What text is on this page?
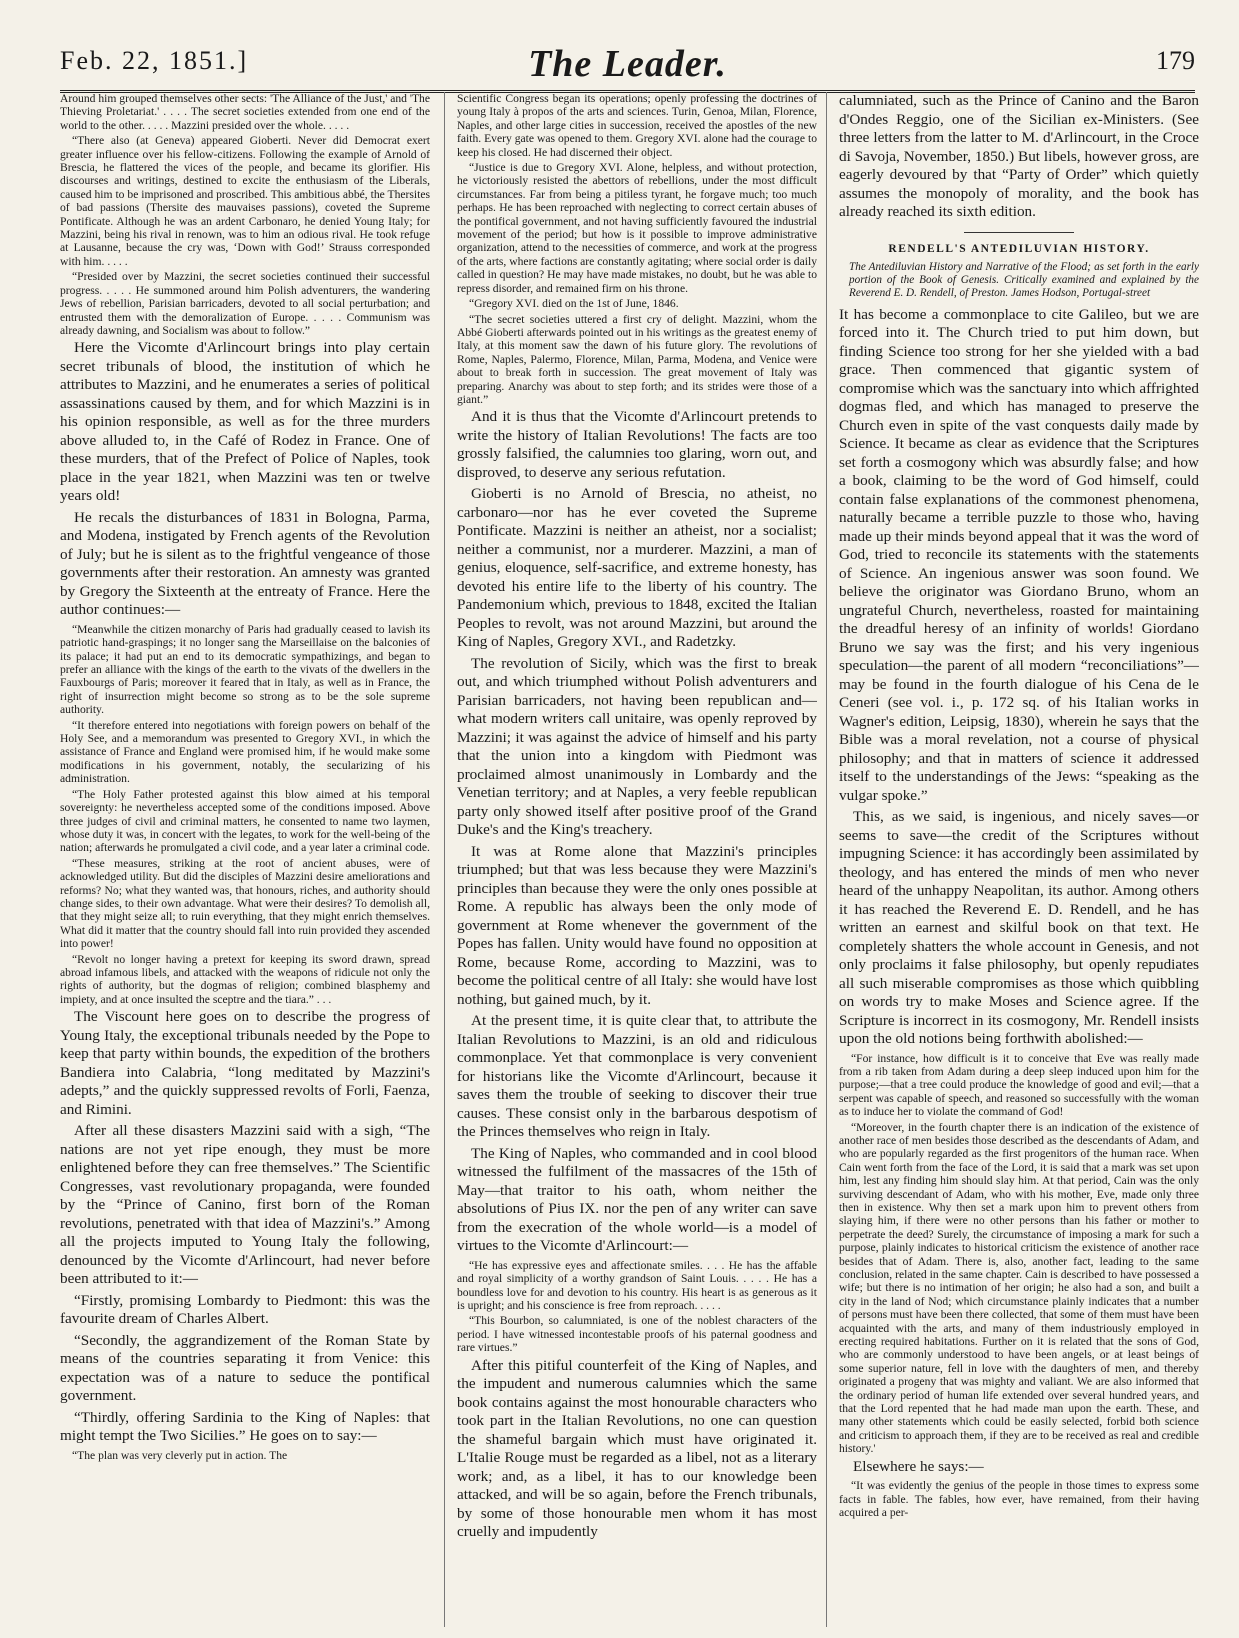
Feb. 22, 1851.]	The Leader.	179

Around him grouped themselves other sects: 'The Alliance of the Just,' and 'The Thieving Proletariat.' . . . . The secret societies extended from one end of the world to the other. . . . . Mazzini presided over the whole. . . . .

“There also (at Geneva) appeared Gioberti. Never did Democrat exert greater influence over his fellow-citizens. Following the example of Arnold of Brescia, he flattered the vices of the people, and became its glorifier. His discourses and writings, destined to excite the enthusiasm of the Liberals, caused him to be imprisoned and proscribed. This ambitious abbé, the Thersites of bad passions (Thersite des mauvaises passions), coveted the Supreme Pontificate. Although he was an ardent Carbonaro, he denied Young Italy; for Mazzini, being his rival in renown, was to him an odious rival. He took refuge at Lausanne, because the cry was, ‘Down with God!’ Strauss corresponded with him. . . . .

“Presided over by Mazzini, the secret societies continued their successful progress. . . . . He summoned around him Polish adventurers, the wandering Jews of rebellion, Parisian barricaders, devoted to all social perturbation; and entrusted them with the demoralization of Europe. . . . . Communism was already dawning, and Socialism was about to follow.”

Here the Vicomte d'Arlincourt brings into play certain secret tribunals of blood, the institution of which he attributes to Mazzini, and he enumerates a series of political assassinations caused by them, and for which Mazzini is in his opinion responsible, as well as for the three murders above alluded to, in the Café of Rodez in France. One of these murders, that of the Prefect of Police of Naples, took place in the year 1821, when Mazzini was ten or twelve years old!

He recals the disturbances of 1831 in Bologna, Parma, and Modena, instigated by French agents of the Revolution of July; but he is silent as to the frightful vengeance of those governments after their restoration. An amnesty was granted by Gregory the Sixteenth at the entreaty of France. Here the author continues:—

“Meanwhile the citizen monarchy of Paris had gradually ceased to lavish its patriotic hand-graspings; it no longer sang the Marseillaise on the balconies of its palace; it had put an end to its democratic sympathizings, and began to prefer an alliance with the kings of the earth to the vivats of the dwellers in the Fauxbourgs of Paris; moreover it feared that in Italy, as well as in France, the right of insurrection might become so strong as to be the sole supreme authority.

“It therefore entered into negotiations with foreign powers on behalf of the Holy See, and a memorandum was presented to Gregory XVI., in which the assistance of France and England were promised him, if he would make some modifications in his government, notably, the secularizing of his administration.

“The Holy Father protested against this blow aimed at his temporal sovereignty: he nevertheless accepted some of the conditions imposed. Above three judges of civil and criminal matters, he consented to name two laymen, whose duty it was, in concert with the legates, to work for the well-being of the nation; afterwards he promulgated a civil code, and a year later a criminal code.

“These measures, striking at the root of ancient abuses, were of acknowledged utility. But did the disciples of Mazzini desire ameliorations and reforms? No; what they wanted was, that honours, riches, and authority should change sides, to their own advantage. What were their desires? To demolish all, that they might seize all; to ruin everything, that they might enrich themselves. What did it matter that the country should fall into ruin provided they ascended into power!

“Revolt no longer having a pretext for keeping its sword drawn, spread abroad infamous libels, and attacked with the weapons of ridicule not only the rights of authority, but the dogmas of religion; combined blasphemy and impiety, and at once insulted the sceptre and the tiara.” . . .

The Viscount here goes on to describe the progress of Young Italy, the exceptional tribunals needed by the Pope to keep that party within bounds, the expedition of the brothers Bandiera into Calabria, “long meditated by Mazzini's adepts,” and the quickly suppressed revolts of Forli, Faenza, and Rimini.

After all these disasters Mazzini said with a sigh, “The nations are not yet ripe enough, they must be more enlightened before they can free themselves.” The Scientific Congresses, vast revolutionary propaganda, were founded by the “Prince of Canino, first born of the Roman revolutions, penetrated with that idea of Mazzini's.” Among all the projects imputed to Young Italy the following, denounced by the Vicomte d'Arlincourt, had never before been attributed to it:—

“Firstly, promising Lombardy to Piedmont: this was the favourite dream of Charles Albert.

“Secondly, the aggrandizement of the Roman State by means of the countries separating it from Venice: this expectation was of a nature to seduce the pontifical government.

“Thirdly, offering Sardinia to the King of Naples: that might tempt the Two Sicilies.” He goes on to say:—

“The plan was very cleverly put in action. The

Scientific Congress began its operations; openly professing the doctrines of young Italy à propos of the arts and sciences. Turin, Genoa, Milan, Florence, Naples, and other large cities in succession, received the apostles of the new faith. Every gate was opened to them. Gregory XVI. alone had the courage to keep his closed. He had discerned their object.

“Justice is due to Gregory XVI. Alone, helpless, and without protection, he victoriously resisted the abettors of rebellions, under the most difficult circumstances. Far from being a pitiless tyrant, he forgave much; too much perhaps. He has been reproached with neglecting to correct certain abuses of the pontifical government, and not having sufficiently favoured the industrial movement of the period; but how is it possible to improve administrative organization, attend to the necessities of commerce, and work at the progress of the arts, where factions are constantly agitating; where social order is daily called in question? He may have made mistakes, no doubt, but he was able to repress disorder, and remained firm on his throne.

“Gregory XVI. died on the 1st of June, 1846.

“The secret societies uttered a first cry of delight. Mazzini, whom the Abbé Gioberti afterwards pointed out in his writings as the greatest enemy of Italy, at this moment saw the dawn of his future glory. The revolutions of Rome, Naples, Palermo, Florence, Milan, Parma, Modena, and Venice were about to break forth in succession. The great movement of Italy was preparing. Anarchy was about to step forth; and its strides were those of a giant.”

And it is thus that the Vicomte d'Arlincourt pretends to write the history of Italian Revolutions! The facts are too grossly falsified, the calumnies too glaring, worn out, and disproved, to deserve any serious refutation.

Gioberti is no Arnold of Brescia, no atheist, no carbonaro—nor has he ever coveted the Supreme Pontificate. Mazzini is neither an atheist, nor a socialist; neither a communist, nor a murderer. Mazzini, a man of genius, eloquence, self-sacrifice, and extreme honesty, has devoted his entire life to the liberty of his country. The Pandemonium which, previous to 1848, excited the Italian Peoples to revolt, was not around Mazzini, but around the King of Naples, Gregory XVI., and Radetzky.

The revolution of Sicily, which was the first to break out, and which triumphed without Polish adventurers and Parisian barricaders, not having been republican and—what modern writers call unitaire, was openly reproved by Mazzini; it was against the advice of himself and his party that the union into a kingdom with Piedmont was proclaimed almost unanimously in Lombardy and the Venetian territory; and at Naples, a very feeble republican party only showed itself after positive proof of the Grand Duke's and the King's treachery.

It was at Rome alone that Mazzini's principles triumphed; but that was less because they were Mazzini's principles than because they were the only ones possible at Rome. A republic has always been the only mode of government at Rome whenever the government of the Popes has fallen. Unity would have found no opposition at Rome, because Rome, according to Mazzini, was to become the political centre of all Italy: she would have lost nothing, but gained much, by it.

At the present time, it is quite clear that, to attribute the Italian Revolutions to Mazzini, is an old and ridiculous commonplace. Yet that commonplace is very convenient for historians like the Vicomte d'Arlincourt, because it saves them the trouble of seeking to discover their true causes. These consist only in the barbarous despotism of the Princes themselves who reign in Italy.

The King of Naples, who commanded and in cool blood witnessed the fulfilment of the massacres of the 15th of May—that traitor to his oath, whom neither the absolutions of Pius IX. nor the pen of any writer can save from the execration of the whole world—is a model of virtues to the Vicomte d'Arlincourt:—

“He has expressive eyes and affectionate smiles. . . . He has the affable and royal simplicity of a worthy grandson of Saint Louis. . . . . He has a boundless love for and devotion to his country. His heart is as generous as it is upright; and his conscience is free from reproach. . . . .

“This Bourbon, so calumniated, is one of the noblest characters of the period. I have witnessed incontestable proofs of his paternal goodness and rare virtues.”

After this pitiful counterfeit of the King of Naples, and the impudent and numerous calumnies which the same book contains against the most honourable characters who took part in the Italian Revolutions, no one can question the shameful bargain which must have originated it. L'Italie Rouge must be regarded as a libel, not as a literary work; and, as a libel, it has to our knowledge been attacked, and will be so again, before the French tribunals, by some of those honourable men whom it has most cruelly and impudently

calumniated, such as the Prince of Canino and the Baron d'Ondes Reggio, one of the Sicilian ex-Ministers. (See three letters from the latter to M. d'Arlincourt, in the Croce di Savoja, November, 1850.) But libels, however gross, are eagerly devoured by that “Party of Order” which quietly assumes the monopoly of morality, and the book has already reached its sixth edition.

RENDELL'S ANTEDILUVIAN HISTORY.

The Antediluvian History and Narrative of the Flood; as set forth in the early portion of the Book of Genesis. Critically examined and explained by the Reverend E. D. Rendell, of Preston. James Hodson, Portugal-street

It has become a commonplace to cite Galileo, but we are forced into it. The Church tried to put him down, but finding Science too strong for her she yielded with a bad grace. Then commenced that gigantic system of compromise which was the sanctuary into which affrighted dogmas fled, and which has managed to preserve the Church even in spite of the vast conquests daily made by Science. It became as clear as evidence that the Scriptures set forth a cosmogony which was absurdly false; and how a book, claiming to be the word of God himself, could contain false explanations of the commonest phenomena, naturally became a terrible puzzle to those who, having made up their minds beyond appeal that it was the word of God, tried to reconcile its statements with the statements of Science. An ingenious answer was soon found. We believe the originator was Giordano Bruno, whom an ungrateful Church, nevertheless, roasted for maintaining the dreadful heresy of an infinity of worlds! Giordano Bruno we say was the first; and his very ingenious speculation—the parent of all modern “reconciliations”—may be found in the fourth dialogue of his Cena de le Ceneri (see vol. i., p. 172 sq. of his Italian works in Wagner's edition, Leipsig, 1830), wherein he says that the Bible was a moral revelation, not a course of physical philosophy; and that in matters of science it addressed itself to the understandings of the Jews: “speaking as the vulgar spoke.”

This, as we said, is ingenious, and nicely saves—or seems to save—the credit of the Scriptures without impugning Science: it has accordingly been assimilated by theology, and has entered the minds of men who never heard of the unhappy Neapolitan, its author. Among others it has reached the Reverend E. D. Rendell, and he has written an earnest and skilful book on that text. He completely shatters the whole account in Genesis, and not only proclaims it false philosophy, but openly repudiates all such miserable compromises as those which quibbling on words try to make Moses and Science agree. If the Scripture is incorrect in its cosmogony, Mr. Rendell insists upon the old notions being forthwith abolished:—

“For instance, how difficult is it to conceive that Eve was really made from a rib taken from Adam during a deep sleep induced upon him for the purpose;—that a tree could produce the knowledge of good and evil;—that a serpent was capable of speech, and reasoned so successfully with the woman as to induce her to violate the command of God!

“Moreover, in the fourth chapter there is an indication of the existence of another race of men besides those described as the descendants of Adam, and who are popularly regarded as the first progenitors of the human race. When Cain went forth from the face of the Lord, it is said that a mark was set upon him, lest any finding him should slay him. At that period, Cain was the only surviving descendant of Adam, who with his mother, Eve, made only three then in existence. Why then set a mark upon him to prevent others from slaying him, if there were no other persons than his father or mother to perpetrate the deed? Surely, the circumstance of imposing a mark for such a purpose, plainly indicates to historical criticism the existence of another race besides that of Adam. There is, also, another fact, leading to the same conclusion, related in the same chapter. Cain is described to have possessed a wife; but there is no intimation of her origin; he also had a son, and built a city in the land of Nod; which circumstance plainly indicates that a number of persons must have been there collected, that some of them must have been acquainted with the arts, and many of them industriously employed in erecting required habitations. Further on it is related that the sons of God, who are commonly understood to have been angels, or at least beings of some superior nature, fell in love with the daughters of men, and thereby originated a progeny that was mighty and valiant. We are also informed that the ordinary period of human life extended over several hundred years, and that the Lord repented that he had made man upon the earth. These, and many other statements which could be easily selected, forbid both science and criticism to approach them, if they are to be received as real and credible history.'

Elsewhere he says:—

“It was evidently the genius of the people in those times to express some facts in fable. The fables, how ever, have remained, from their having acquired a per-
